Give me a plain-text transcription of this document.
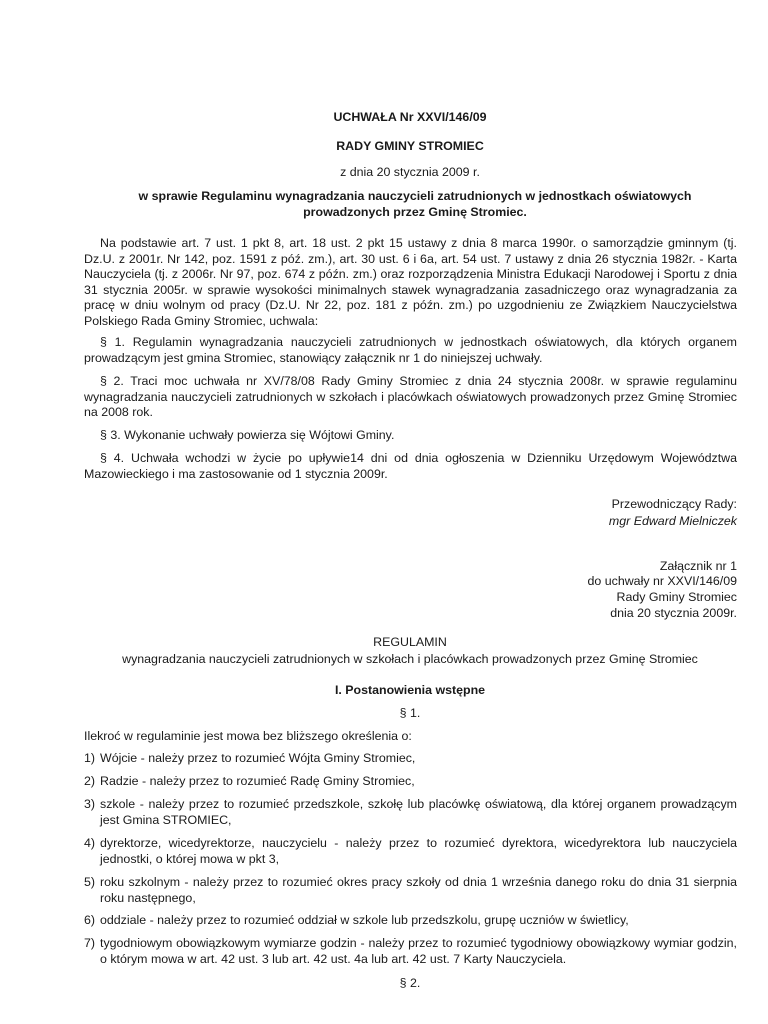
UCHWAŁA Nr XXVI/146/09
RADY GMINY STROMIEC
z dnia 20 stycznia 2009 r.
w sprawie Regulaminu wynagradzania nauczycieli zatrudnionych w jednostkach oświatowych
prowadzonych przez Gminę Stromiec.

Na podstawie art. 7 ust. 1 pkt 8, art. 18 ust. 2 pkt 15 ustawy z dnia 8 marca 1990r. o samorządzie gminnym (tj. Dz.U. z 2001r. Nr 142, poz. 1591 z póź. zm.), art. 30 ust. 6 i 6a, art. 54 ust. 7 ustawy z dnia 26 stycznia 1982r. - Karta Nauczyciela (tj. z 2006r. Nr 97, poz. 674 z późn. zm.) oraz rozporządzenia Ministra Edukacji Narodowej i Sportu z dnia 31 stycznia 2005r. w sprawie wysokości minimalnych stawek wynagradzania zasadniczego oraz wynagradzania za pracę w dniu wolnym od pracy (Dz.U. Nr 22, poz. 181 z późn. zm.) po uzgodnieniu ze Związkiem Nauczycielstwa Polskiego Rada Gminy Stromiec, uchwala:

§ 1. Regulamin wynagradzania nauczycieli zatrudnionych w jednostkach oświatowych, dla których organem prowadzącym jest gmina Stromiec, stanowiący załącznik nr 1 do niniejszej uchwały.

§ 2. Traci moc uchwała nr XV/78/08 Rady Gminy Stromiec z dnia 24 stycznia 2008r. w sprawie regulaminu wynagradzania nauczycieli zatrudnionych w szkołach i placówkach oświatowych prowadzonych przez Gminę Stromiec na 2008 rok.

§ 3. Wykonanie uchwały powierza się Wójtowi Gminy.

§ 4. Uchwała wchodzi w życie po upływie14 dni od dnia ogłoszenia w Dzienniku Urzędowym Województwa Mazowieckiego i ma zastosowanie od 1 stycznia 2009r.

Przewodniczący Rady:
mgr Edward Mielniczek
Załącznik nr 1
do uchwały nr XXVI/146/09
Rady Gminy Stromiec
dnia 20 stycznia 2009r.
REGULAMIN
wynagradzania nauczycieli zatrudnionych w szkołach i placówkach prowadzonych przez Gminę Stromiec
I. Postanowienia wstępne
§ 1.
Ilekroć w regulaminie jest mowa bez bliższego określenia o:
1) Wójcie - należy przez to rozumieć Wójta Gminy Stromiec,
2) Radzie - należy przez to rozumieć Radę Gminy Stromiec,
3) szkole - należy przez to rozumieć przedszkole, szkołę lub placówkę oświatową, dla której organem prowadzącym jest Gmina STROMIEC,
4) dyrektorze, wicedyrektorze, nauczycielu - należy przez to rozumieć dyrektora, wicedyrektora lub nauczyciela jednostki, o której mowa w pkt 3,
5) roku szkolnym - należy przez to rozumieć okres pracy szkoły od dnia 1 września danego roku do dnia 31 sierpnia roku następnego,
6) oddziale - należy przez to rozumieć oddział w szkole lub przedszkolu, grupę uczniów w świetlicy,
7) tygodniowym obowiązkowym wymiarze godzin - należy przez to rozumieć tygodniowy obowiązkowy wymiar godzin, o którym mowa w art. 42 ust. 3 lub art. 42 ust. 4a lub art. 42 ust. 7 Karty Nauczyciela.
§ 2.
